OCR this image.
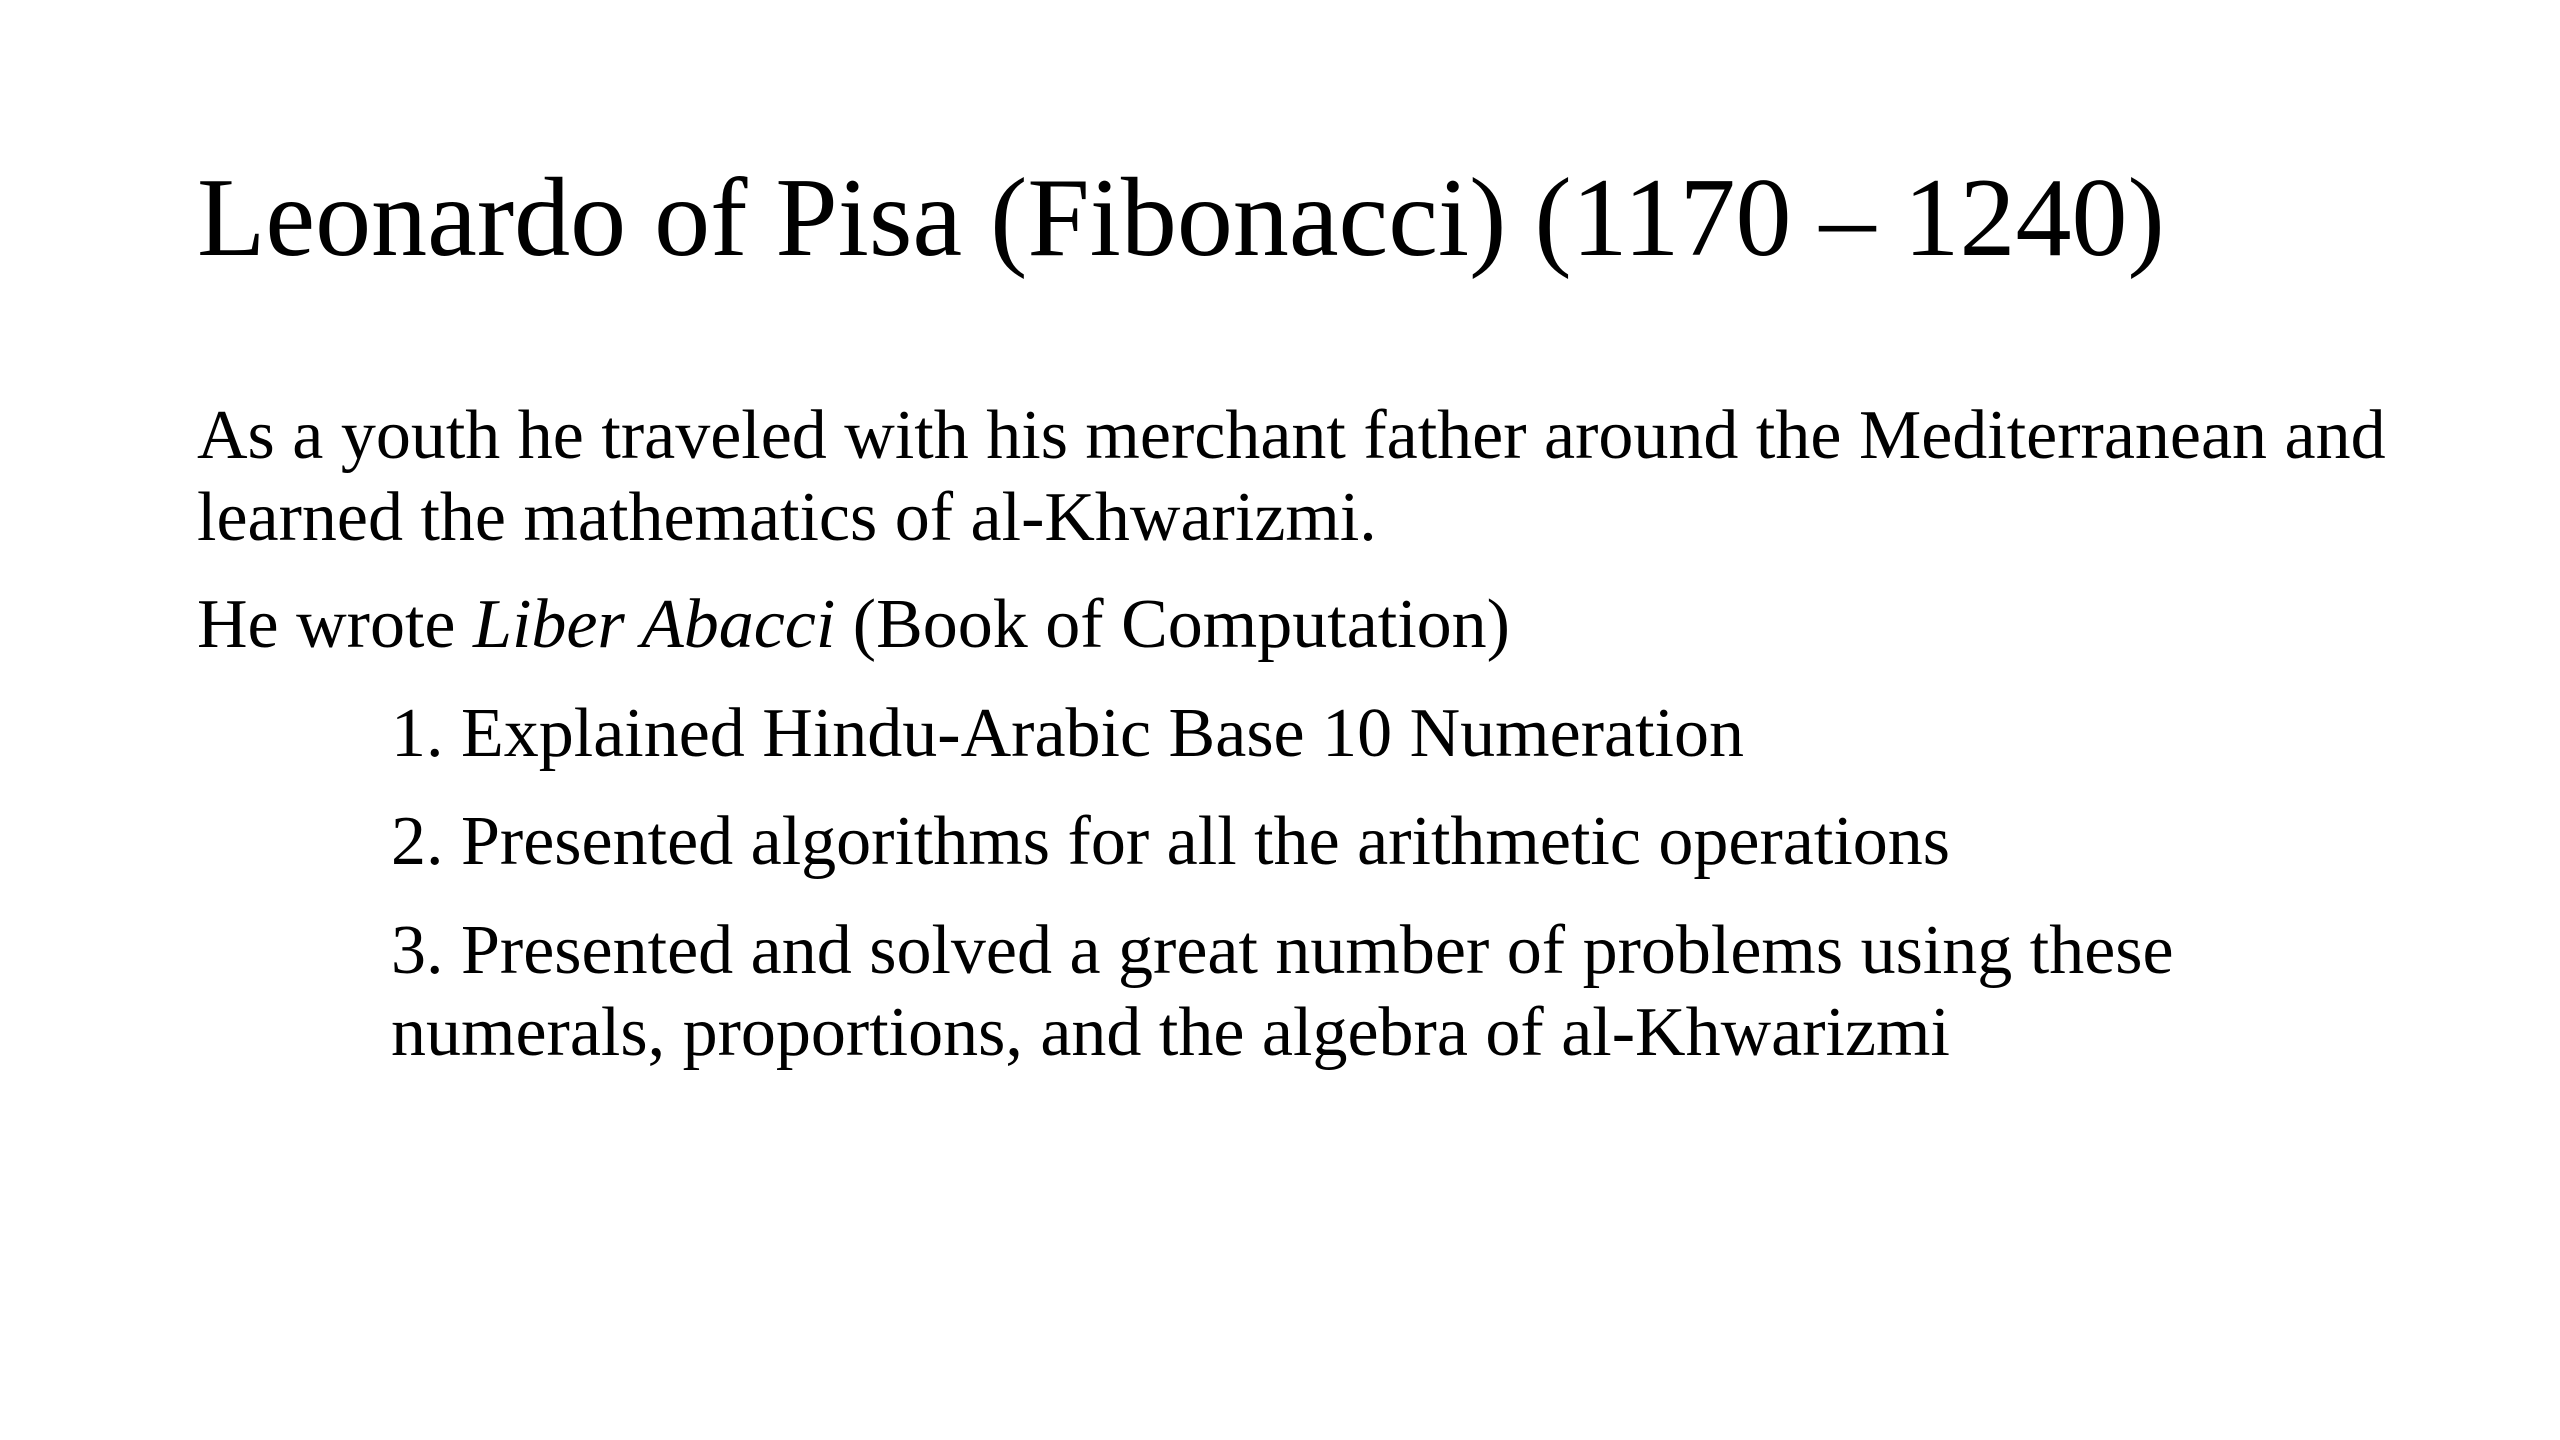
Leonardo of Pisa (Fibonacci) (1170 – 1240)

As a youth he traveled with his merchant father around the Mediterranean and learned the mathematics of al-Khwarizmi.

He wrote Liber Abacci (Book of Computation)

1. Explained Hindu-Arabic Base 10 Numeration

2. Presented algorithms for all the arithmetic operations

3. Presented and solved a great number of problems using these numerals, proportions, and the algebra of al-Khwarizmi
